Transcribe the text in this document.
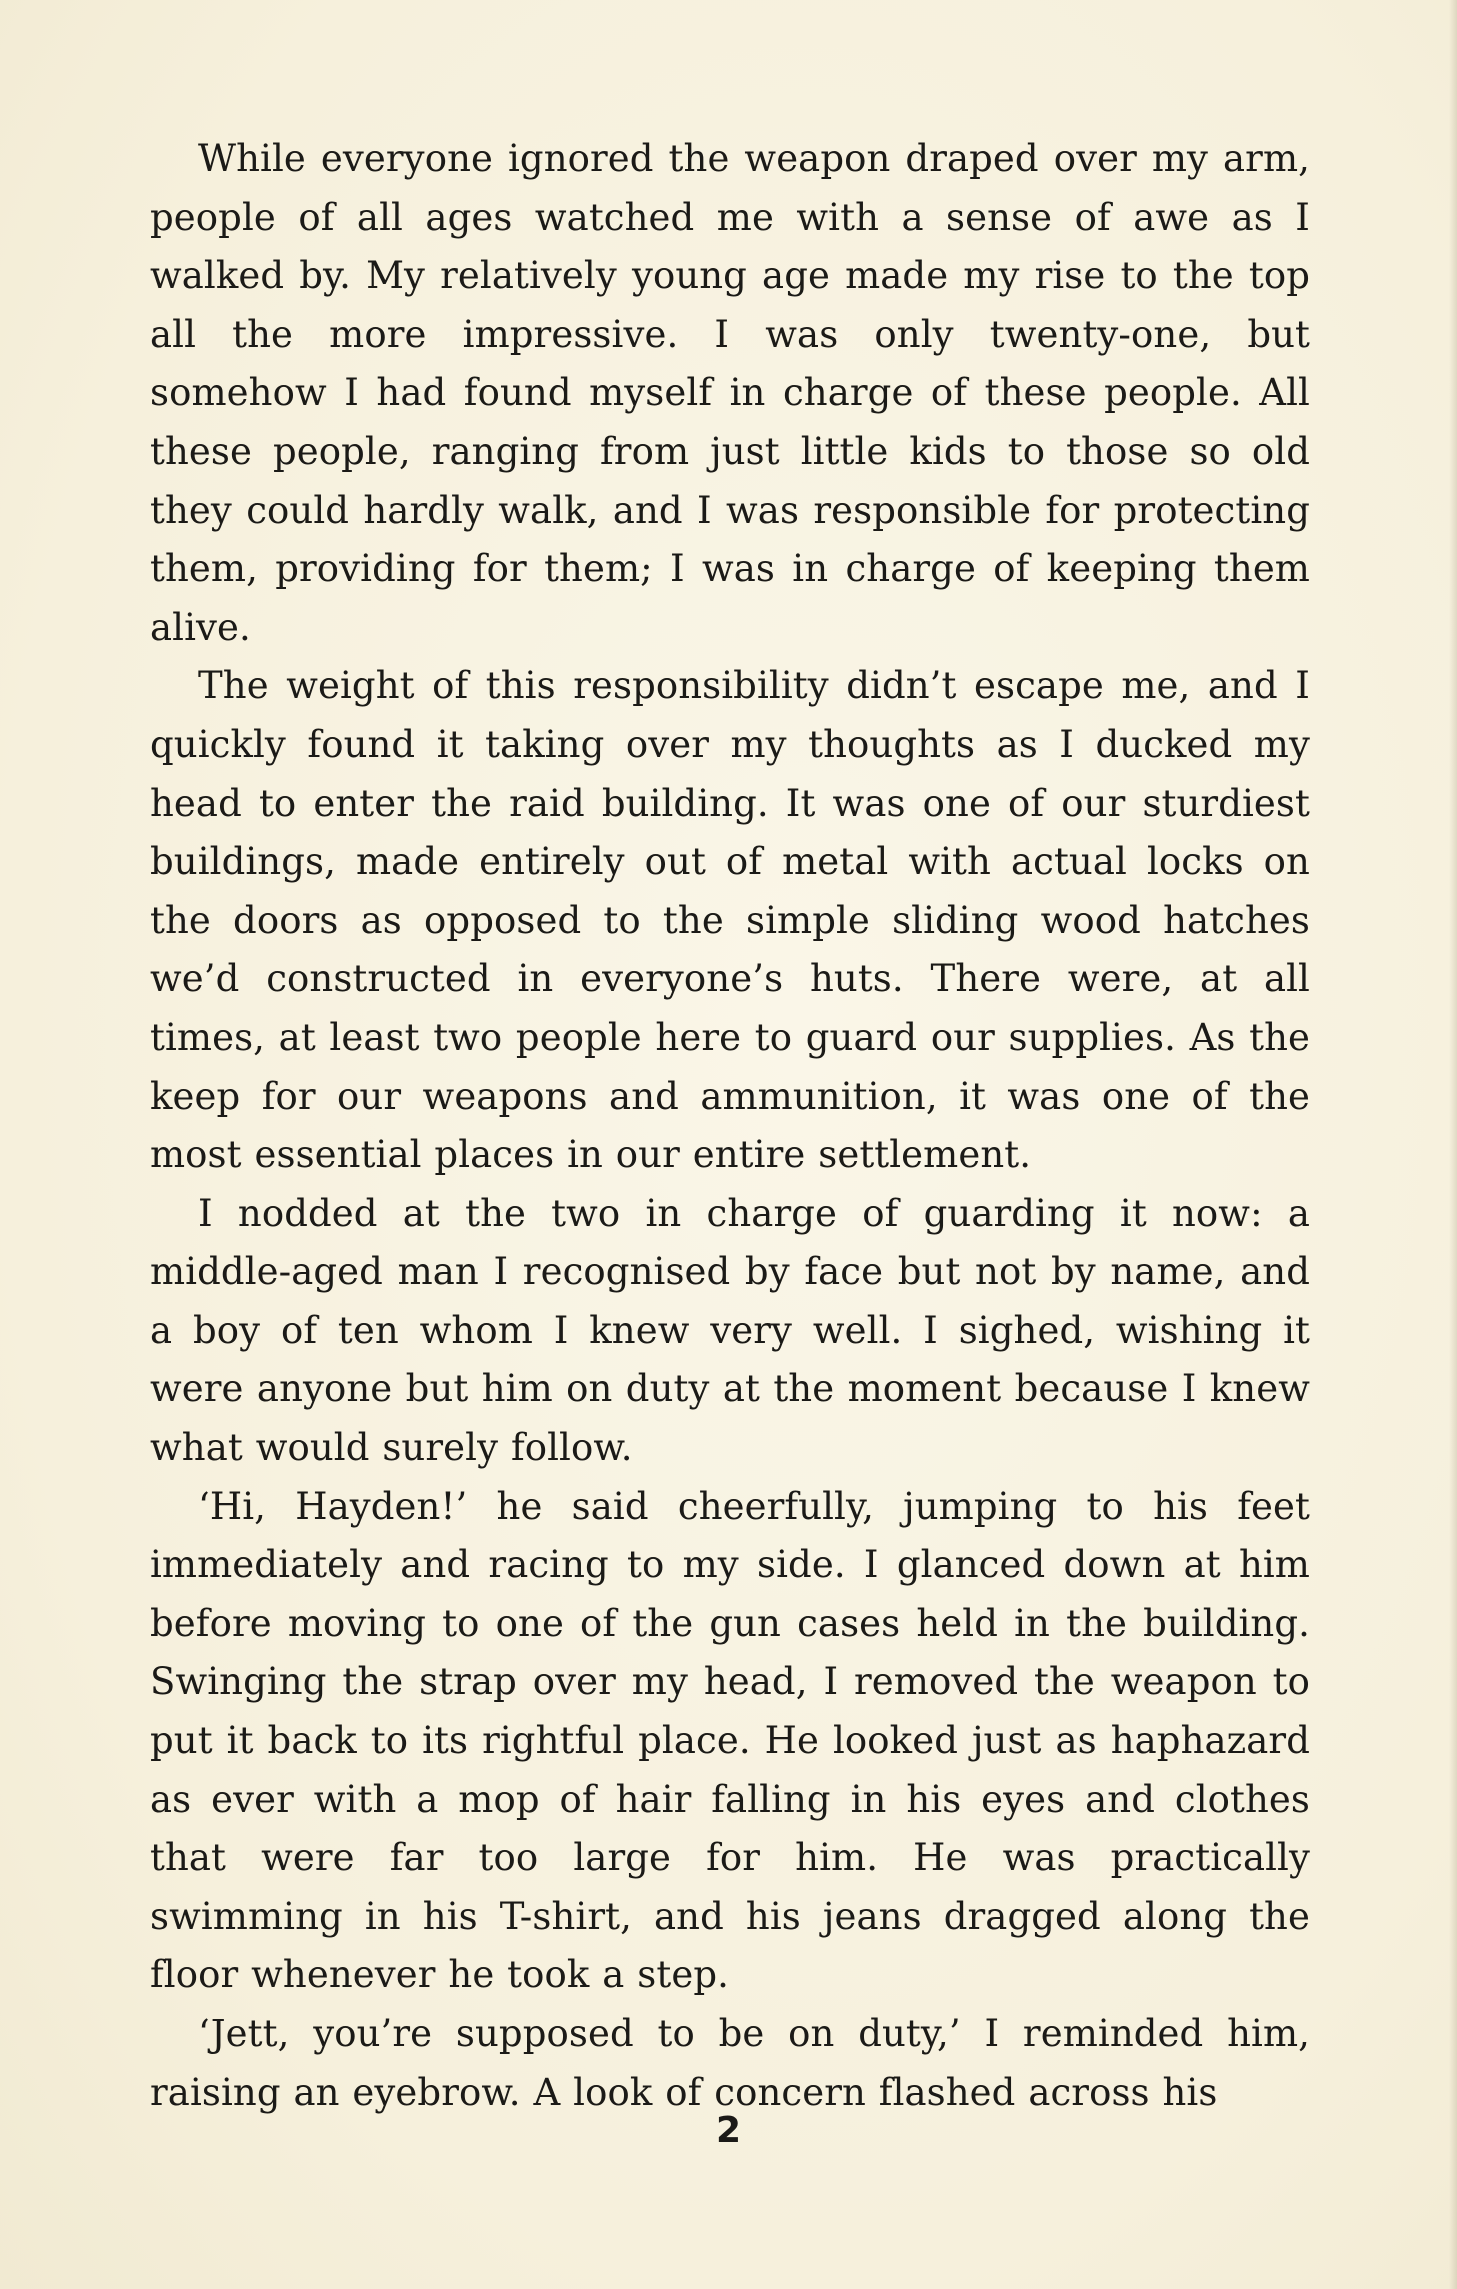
While everyone ignored the weapon draped over my arm, people of all ages watched me with a sense of awe as I walked by. My relatively young age made my rise to the top all the more impressive. I was only twenty-one, but somehow I had found myself in charge of these people. All these people, ranging from just little kids to those so old they could hardly walk, and I was responsible for protecting them, providing for them; I was in charge of keeping them alive.

The weight of this responsibility didn’t escape me, and I quickly found it taking over my thoughts as I ducked my head to enter the raid building. It was one of our sturdiest buildings, made entirely out of metal with actual locks on the doors as opposed to the simple sliding wood hatches we’d constructed in everyone’s huts. There were, at all times, at least two people here to guard our supplies. As the keep for our weapons and ammunition, it was one of the most essential places in our entire settlement.

I nodded at the two in charge of guarding it now: a middle-aged man I recognised by face but not by name, and a boy of ten whom I knew very well. I sighed, wishing it were anyone but him on duty at the moment because I knew what would surely follow.

‘Hi, Hayden!’ he said cheerfully, jumping to his feet immediately and racing to my side. I glanced down at him before moving to one of the gun cases held in the building. Swinging the strap over my head, I removed the weapon to put it back to its rightful place. He looked just as haphazard as ever with a mop of hair falling in his eyes and clothes that were far too large for him. He was practically swimming in his T-shirt, and his jeans dragged along the floor whenever he took a step.

‘Jett, you’re supposed to be on duty,’ I reminded him, raising an eyebrow. A look of concern flashed across his

2
